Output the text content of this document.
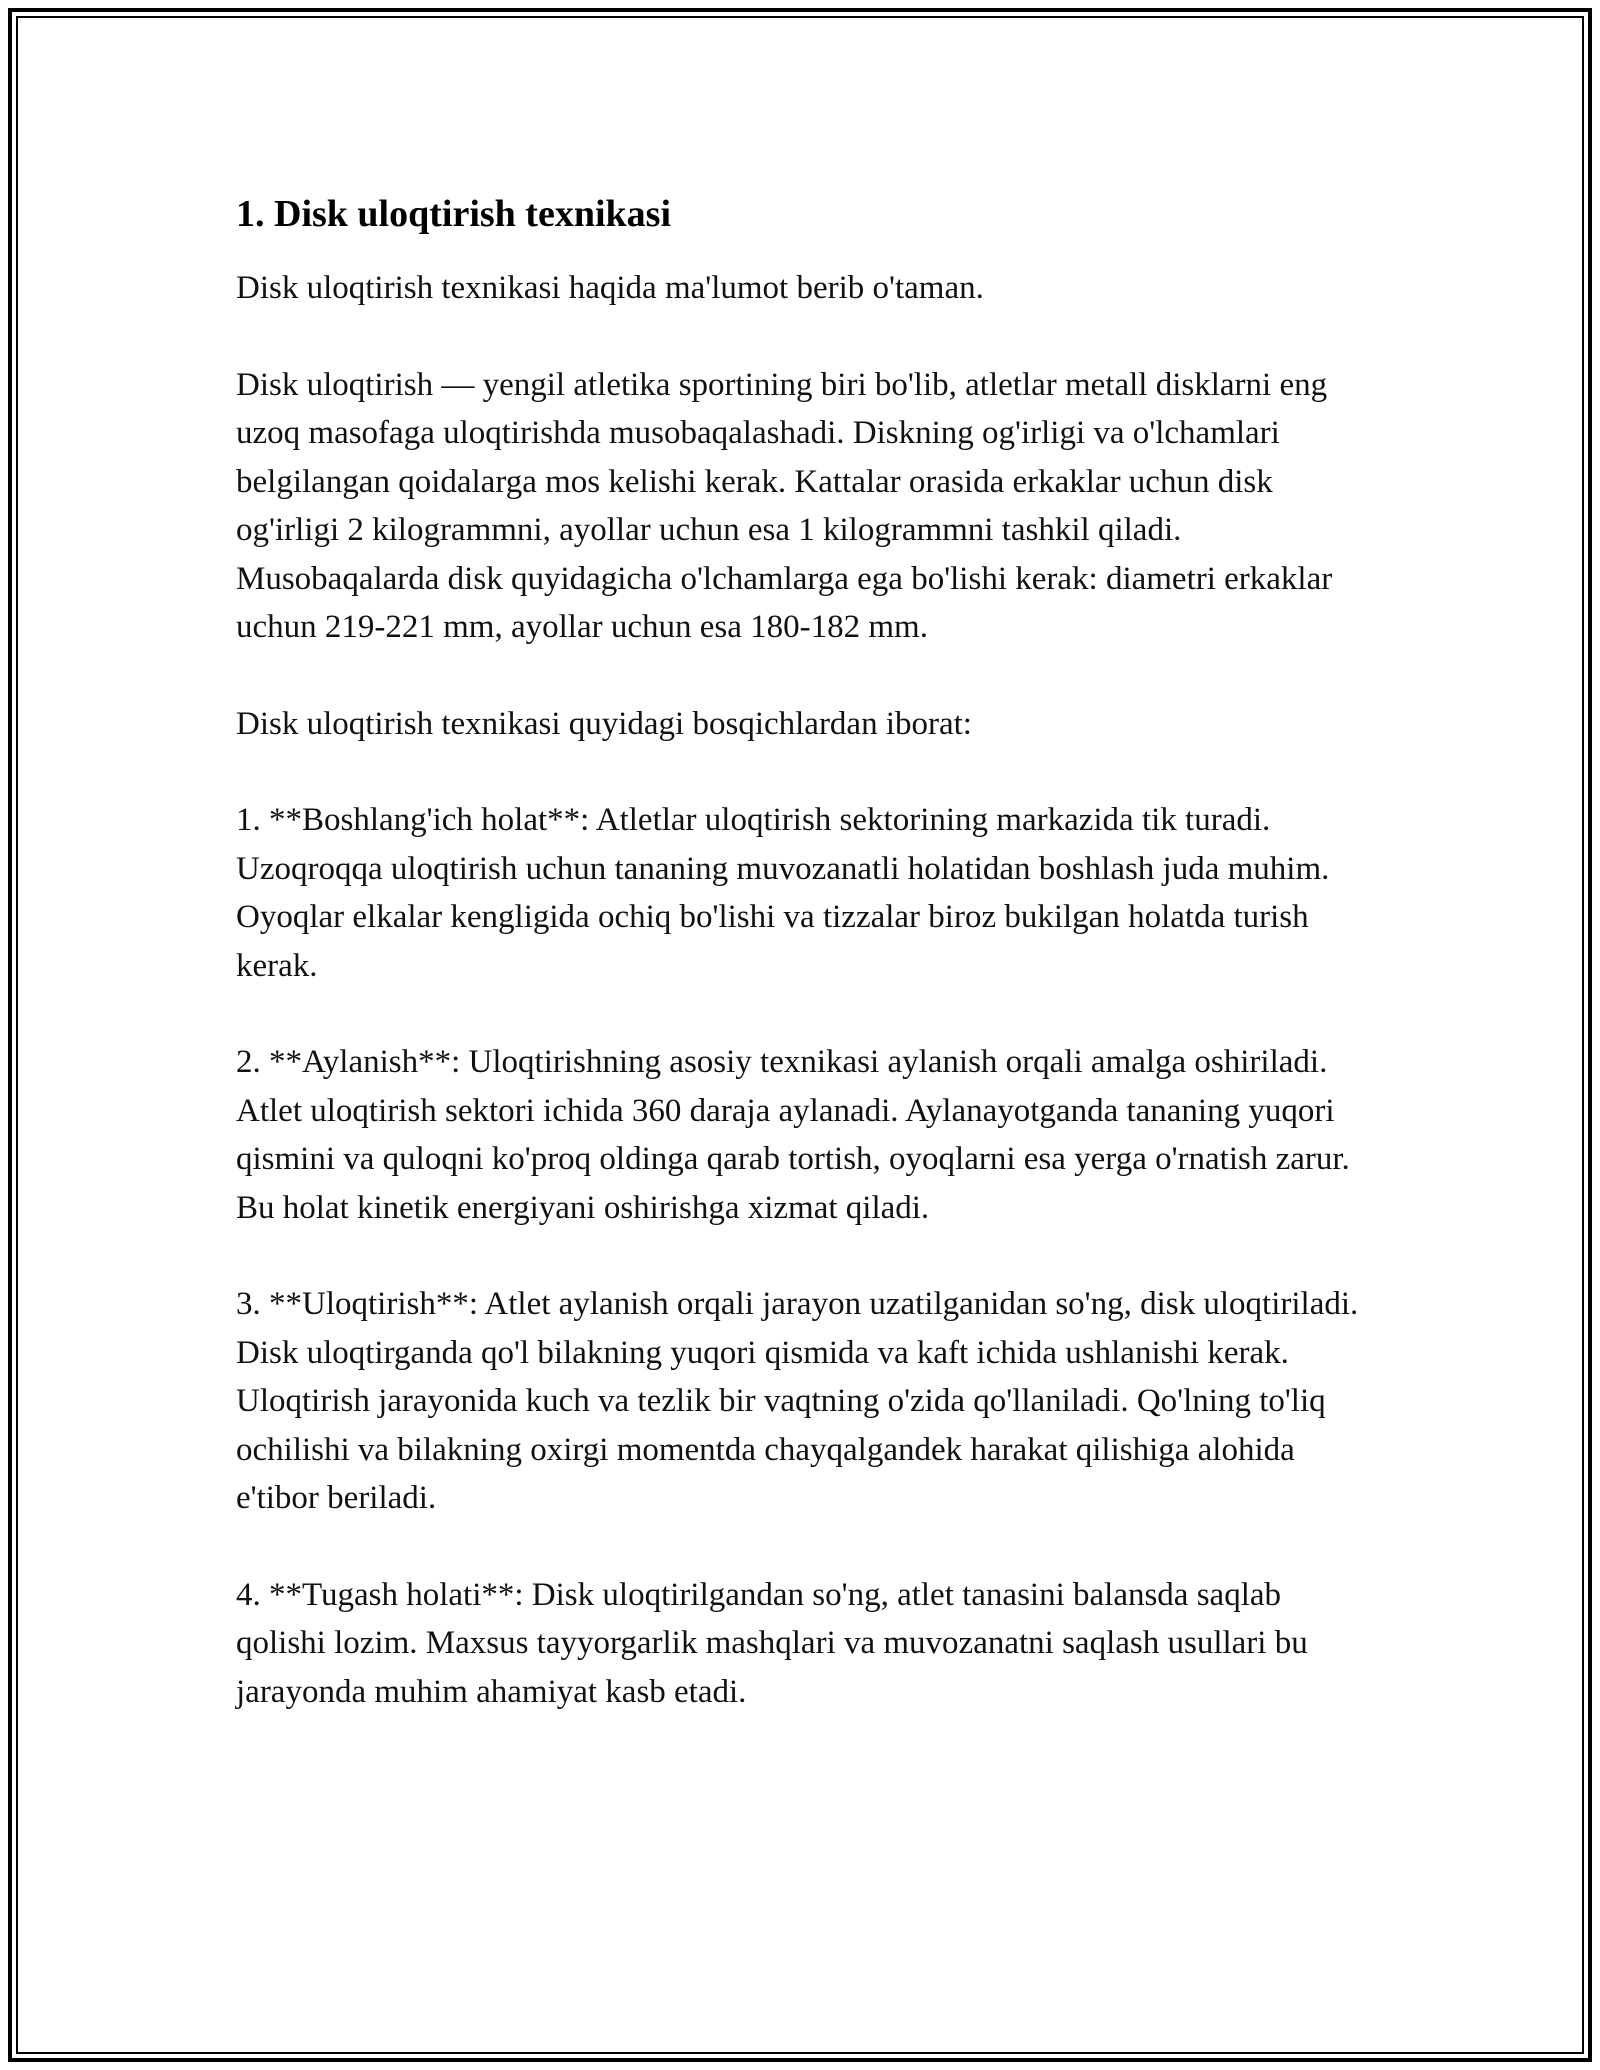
1. Disk uloqtirish texnikasi

Disk uloqtirish texnikasi haqida ma'lumot berib o'taman.

Disk uloqtirish — yengil atletika sportining biri bo'lib, atletlar metall disklarni eng uzoq masofaga uloqtirishda musobaqalashadi. Diskning og'irligi va o'lchamlari belgilangan qoidalarga mos kelishi kerak. Kattalar orasida erkaklar uchun disk og'irligi 2 kilogrammni, ayollar uchun esa 1 kilogrammni tashkil qiladi. Musobaqalarda disk quyidagicha o'lchamlarga ega bo'lishi kerak: diametri erkaklar uchun 219-221 mm, ayollar uchun esa 180-182 mm.

Disk uloqtirish texnikasi quyidagi bosqichlardan iborat:

1. **Boshlang'ich holat**: Atletlar uloqtirish sektorining markazida tik turadi. Uzoqroqqa uloqtirish uchun tananing muvozanatli holatidan boshlash juda muhim. Oyoqlar elkalar kengligida ochiq bo'lishi va tizzalar biroz bukilgan holatda turish kerak.

2. **Aylanish**: Uloqtirishning asosiy texnikasi aylanish orqali amalga oshiriladi. Atlet uloqtirish sektori ichida 360 daraja aylanadi. Aylanayotganda tananing yuqori qismini va quloqni ko'proq oldinga qarab tortish, oyoqlarni esa yerga o'rnatish zarur. Bu holat kinetik energiyani oshirishga xizmat qiladi.

3. **Uloqtirish**: Atlet aylanish orqali jarayon uzatilganidan so'ng, disk uloqtiriladi. Disk uloqtirganda qo'l bilakning yuqori qismida va kaft ichida ushlanishi kerak. Uloqtirish jarayonida kuch va tezlik bir vaqtning o'zida qo'llaniladi. Qo'lning to'liq ochilishi va bilakning oxirgi momentda chayqalgandek harakat qilishiga alohida e'tibor beriladi.

4. **Tugash holati**: Disk uloqtirilgandan so'ng, atlet tanasini balansda saqlab qolishi lozim. Maxsus tayyorgarlik mashqlari va muvozanatni saqlash usullari bu jarayonda muhim ahamiyat kasb etadi.
